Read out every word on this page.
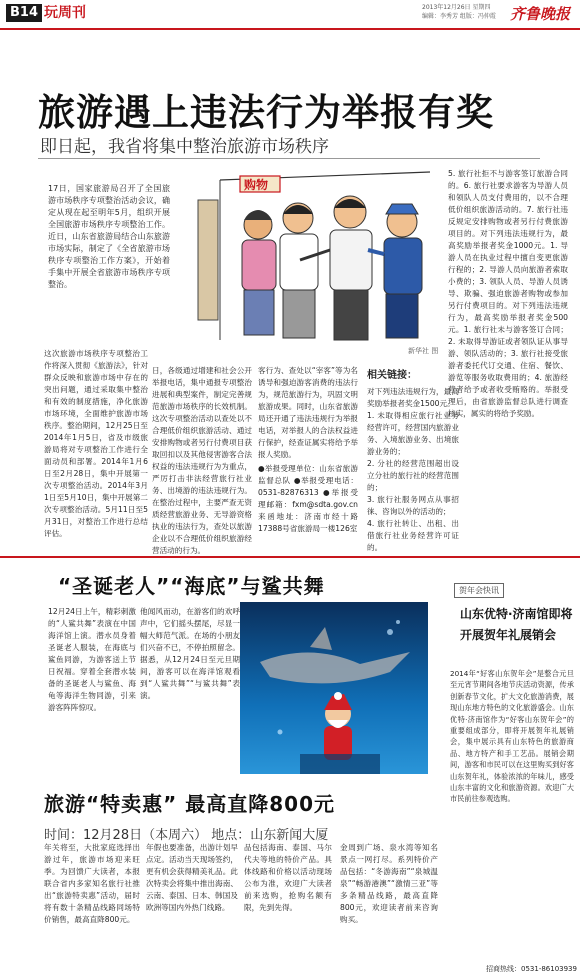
B14 玩周刊	2013年12月26日 星期四
编辑：李秀芳 组版：冯仲霞 齐鲁晚报
旅游遇上违法行为举报有奖
即日起，我省将集中整治旅游市场秩序
17日，国家旅游局召开了全国旅游市场秩序专项整治活动会议，确定从现在起至明年5月，组织开展全国旅游市场秩序专项整治工作。近日，山东省旅游局结合山东旅游市场实际，制定了《全省旅游市场秩序专项整治工作方案》，开始着手集中开展全省旅游市场秩序专项整治。
购物
新华社 图
5. 旅行社拒不与游客签订旅游合同的。6. 旅行社要求游客为导游人员和领队人员支付费用的，以不合理低价组织旅游活动的。7. 旅行社违反规定安排购物或者另行付费旅游项目的。对下列违法违规行为，最高奖励举报者奖金1000元。1. 导游人员在执业过程中擅自变更旅游行程的；2. 导游人员向旅游者索取小费的；3. 领队人员、导游人员诱导、欺骗、强迫旅游者购物或参加另行付费项目的。对下列违法违规行为，最高奖励举报者奖金500元。1. 旅行社未与游客签订合同；2. 未取得导游证或者领队证从事导游、领队活动的；3. 旅行社接受旅游者委托代订交通、住宿、餐饮、游览等服务收取费用的；4. 旅游经营者给予或者收受贿赂的。举报受理后，由省旅游监督总队进行调查核实，属实的将给予奖励。
这次旅游市场秩序专项整治工作将深入贯彻《旅游法》，针对群众反映和旅游市场中存在的突出问题，通过采取集中整治和有效的制度措施，净化旅游市场环境，全面维护旅游市场秩序。整治期间，12月25日至2014年1月5日，省及市级旅游局将对专项整治工作进行全面动员和部署。2014年1月6日至2月28日，集中开展第一次专项整治活动。2014年3月1日至5月10日，集中开展第二次专项整治活动。5月11日至5月31日，对整治工作进行总结评估。
日，各级通过增建和社会公开举报电话，集中通报专项整治进展和典型案件，制定完善规范旅游市场秩序的长效机制。这次专项整治活动以查处以不合理低价组织旅游活动、通过安排购物或者另行付费项目获取回扣以及其他侵害游客合法权益的违法违规行为为重点，严厉打击非法经营旅行社业务、出境游的违法违规行为。在整治过程中，主要严查无资质经营旅游业务、无导游资格执业的违法行为，查处以旅游企业以不合理低价组织旅游经营活动的行为。
客行为、查处以“宰客”等为名诱导和强迫游客消费的违法行为，规范旅游行为，巩固文明旅游成果。同时，山东省旅游局还开通了违法违规行为举报电话，对举报人的合法权益进行保护，经查证属实将给予举报人奖励。
●举报受理单位：山东省旅游监督总队 ●举报受理电话：0531-82876313 ●举报受理邮箱：fxm@sdta.gov.cn 来函地址：济南市经十路17388号省旅游局一楼126室
相关链接：
对下列违法违规行为，最高奖励举报者奖金1500元。
1. 未取得相应旅行社业务经营许可，经营国内旅游业务、入境旅游业务、出境旅游业务的；
2. 分社的经营范围超出设立分社的旅行社的经营范围的；
3. 旅行社服务网点从事招徕、咨询以外的活动的；
4. 旅行社转让、出租、出借旅行社业务经营许可证的。
“圣诞老人”“海底”与鲨共舞
12月24日上午，精彩刺激的“人鲨共舞”表演在中国海洋馆上演。潜水员身着圣诞老人服装，在海底与鲨鱼同游，为游客送上节日祝福。穿着全套潜水装备的圣诞老人与鲨鱼、海龟等海洋生物同游，引来游客阵阵惊叹。
他闻风而动，在游客们的欢呼声中，它们摇头摆尾，尽显一幅大师范气派。在场的小朋友们兴奋不已，不停拍照留念。据悉，从12月24日至元旦期间，游客可以在海洋馆观看到“人鲨共舞”“与鲨共舞”表演。
旅游“特卖惠” 最高直降800元
时间：12月28日（本周六） 地点：山东新闻大厦
年关将至，大批家庭选择出游过年，旅游市场迎来旺季。为回馈广大读者，本报联合省内多家知名旅行社推出“旅游特卖惠”活动，届时将有数十条精品线路同场特价销售，最高直降800元。
年假也要准备，出游计划早点定。活动当天现场签约，更有机会获得精美礼品。此次特卖会将集中推出海南、云南、泰国、日本、韩国及欧洲等国内外热门线路。
品包括海南、泰国、马尔代夫等地的特价产品。具体线路和价格以活动现场公布为准，欢迎广大读者前来选购，抢购名额有限，先到先得。
金周到广场、泉水湾等知名景点一网打尽。系列特价产品包括：“冬游海南”“泉城温泉”“畅游港澳”“激情三亚”等多条精品线路，最高直降800元，欢迎读者前来咨询购买。
贺年会快讯
山东优特·济南馆即将开展贺年礼展销会
2014年“好客山东贺年会”是整合元旦至元宵节期间各地节庆活动资源，传承创新春节文化，扩大文化旅游消费，展现山东地方特色的文化旅游盛会。山东优特·济南馆作为“好客山东贺年会”的重要组成部分，即将开展贺年礼展销会，集中展示具有山东特色的旅游商品、地方特产和手工艺品。展销会期间，游客和市民可以在这里购买到好客山东贺年礼，体验浓浓的年味儿，感受山东丰富的文化和旅游资源。欢迎广大市民前往参观选购。
招商热线：0531-86103939
